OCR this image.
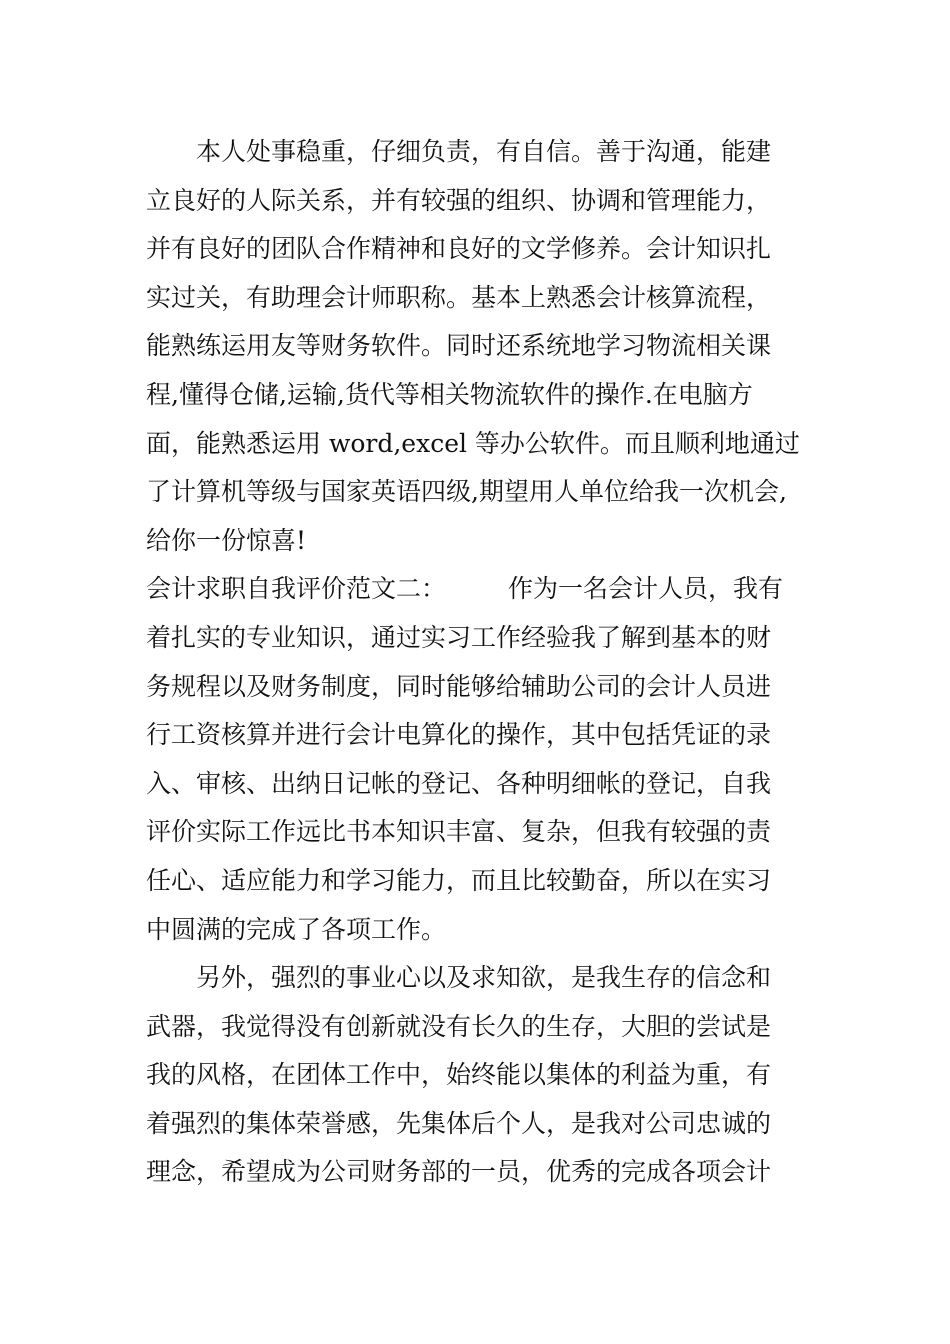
本人处事稳重，仔细负责，有自信。善于沟通，能建
立良好的人际关系，并有较强的组织、协调和管理能力，
并有良好的团队合作精神和良好的文学修养。会计知识扎
实过关，有助理会计师职称。基本上熟悉会计核算流程，
能熟练运用友等财务软件。同时还系统地学习物流相关课
程,懂得仓储,运输,货代等相关物流软件的操作.在电脑方
面，能熟悉运用 word,excel 等办公软件。而且顺利地通过
了计算机等级与国家英语四级,期望用人单位给我一次机会,
给你一份惊喜!
会计求职自我评价范文二： 作为一名会计人员，我有
着扎实的专业知识，通过实习工作经验我了解到基本的财
务规程以及财务制度，同时能够给辅助公司的会计人员进
行工资核算并进行会计电算化的操作，其中包括凭证的录
入、审核、出纳日记帐的登记、各种明细帐的登记，自我
评价实际工作远比书本知识丰富、复杂，但我有较强的责
任心、适应能力和学习能力，而且比较勤奋，所以在实习
中圆满的完成了各项工作。
另外，强烈的事业心以及求知欲，是我生存的信念和
武器，我觉得没有创新就没有长久的生存，大胆的尝试是
我的风格，在团体工作中，始终能以集体的利益为重，有
着强烈的集体荣誉感，先集体后个人，是我对公司忠诚的
理念，希望成为公司财务部的一员，优秀的完成各项会计
